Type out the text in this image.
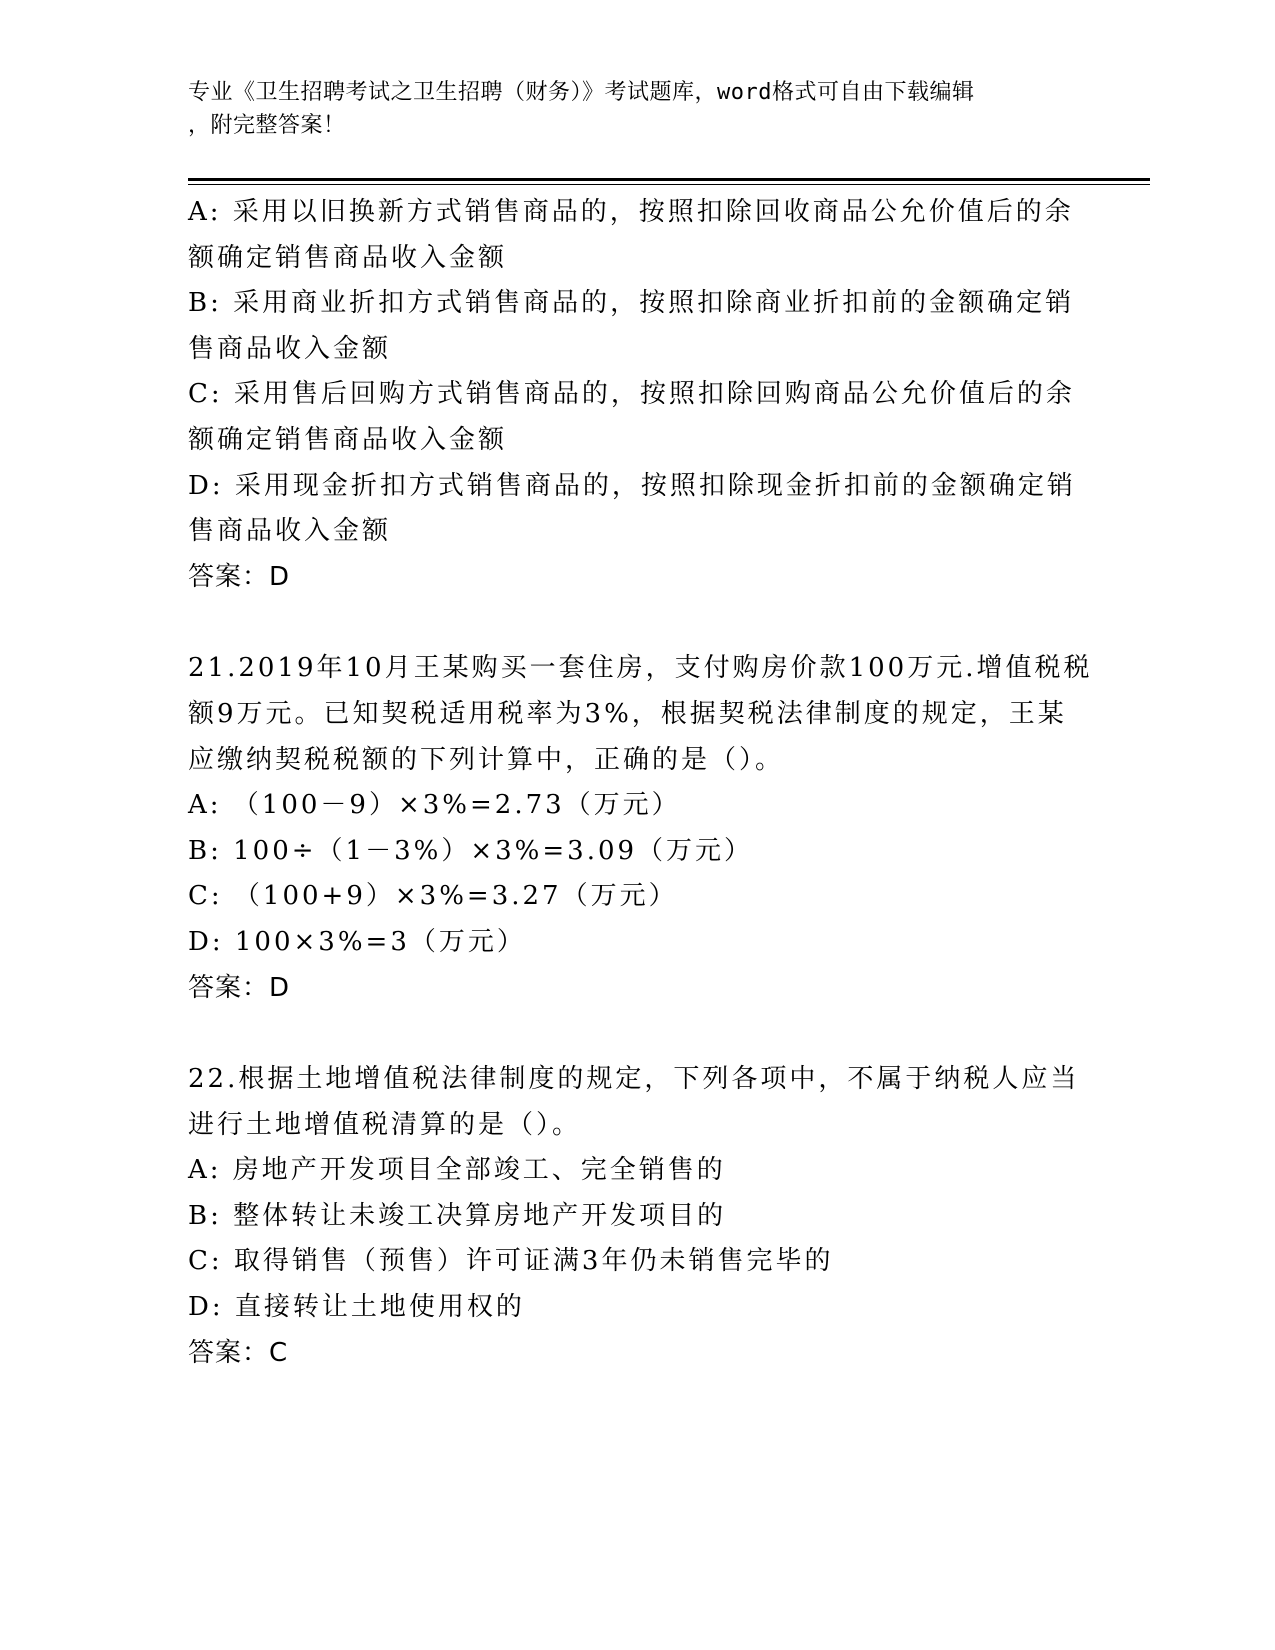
专业《卫生招聘考试之卫生招聘（财务）》考试题库，word格式可自由下载编辑
，附完整答案！
A: 采用以旧换新方式销售商品的，按照扣除回收商品公允价值后的余
额确定销售商品收入金额
B: 采用商业折扣方式销售商品的，按照扣除商业折扣前的金额确定销
售商品收入金额
C: 采用售后回购方式销售商品的，按照扣除回购商品公允价值后的余
额确定销售商品收入金额
D: 采用现金折扣方式销售商品的，按照扣除现金折扣前的金额确定销
售商品收入金额
答案：D
21.2019年10月王某购买一套住房，支付购房价款100万元.增值税税
额9万元。已知契税适用税率为3%，根据契税法律制度的规定，王某
应缴纳契税税额的下列计算中，正确的是（）。
A: （100－9）×3%=2.73（万元）
B: 100÷（1－3%）×3%=3.09（万元）
C: （100+9）×3%=3.27（万元）
D: 100×3%=3（万元）
答案：D
22.根据土地增值税法律制度的规定，下列各项中，不属于纳税人应当
进行土地增值税清算的是（）。
A: 房地产开发项目全部竣工、完全销售的
B: 整体转让未竣工决算房地产开发项目的
C: 取得销售（预售）许可证满3年仍未销售完毕的
D: 直接转让土地使用权的
答案：C
